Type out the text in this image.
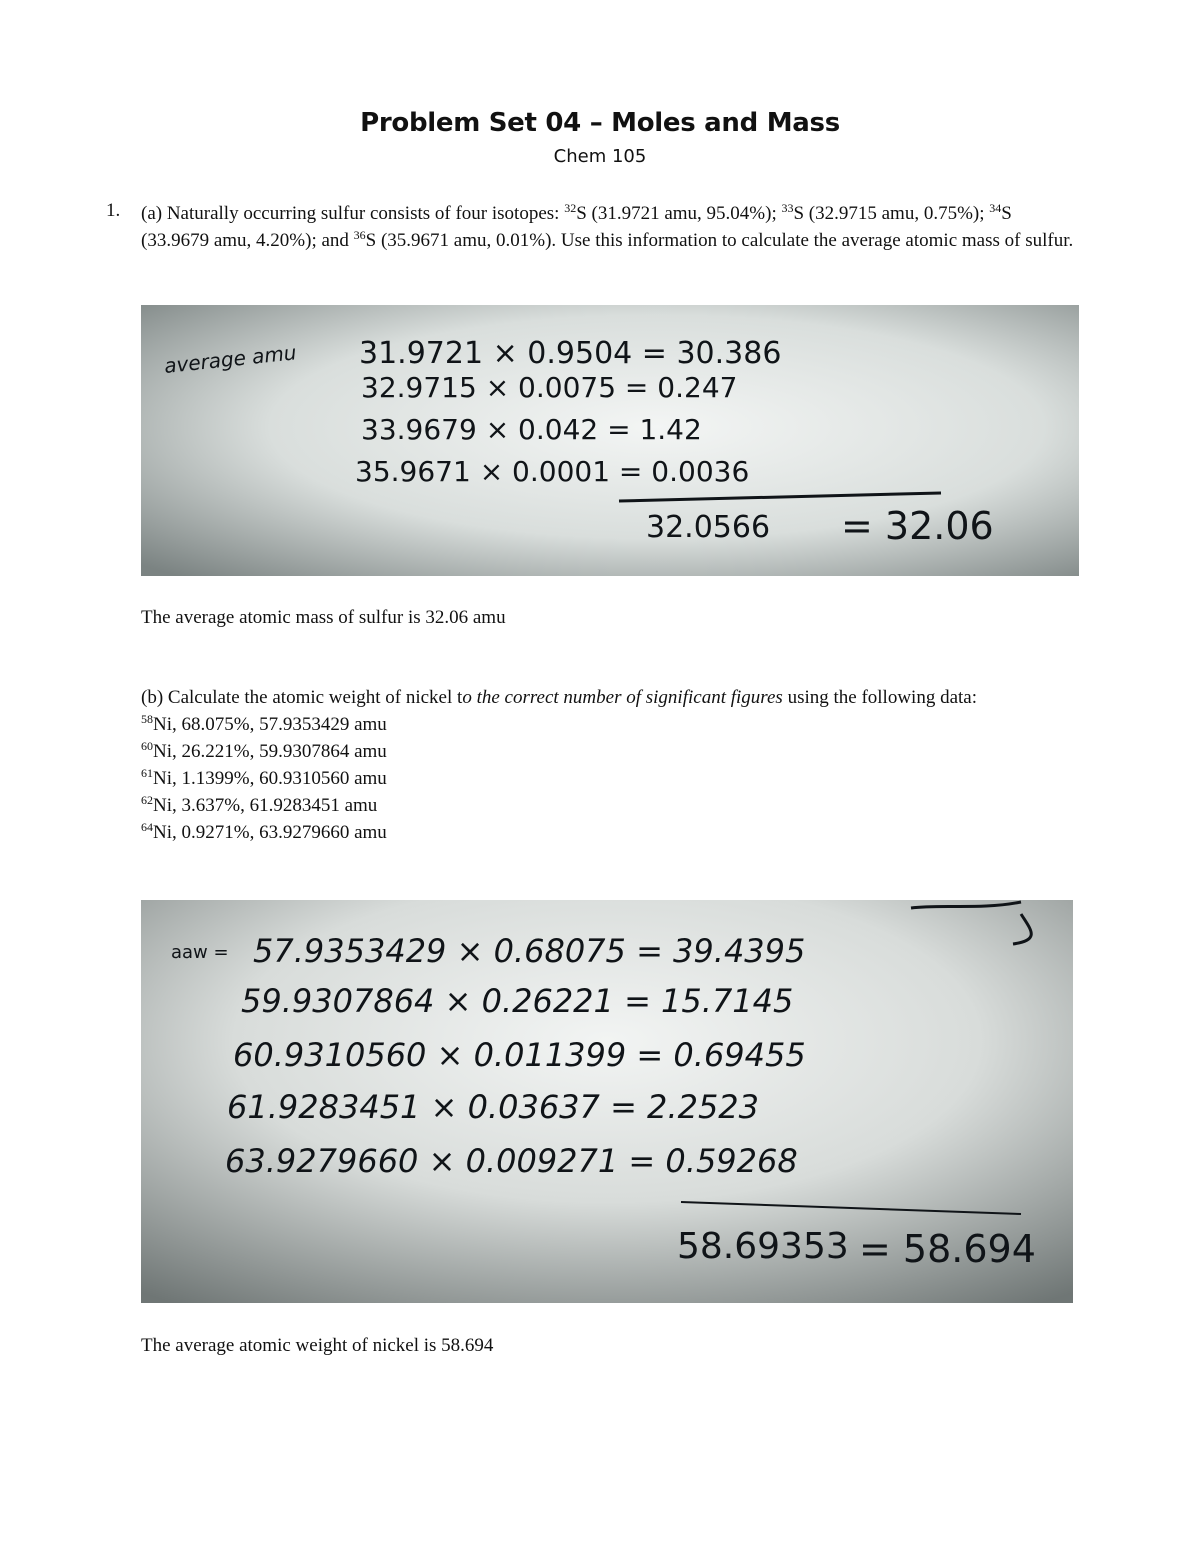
Problem Set 04 – Moles and Mass
Chem 105
1. (a) Naturally occurring sulfur consists of four isotopes: $^{32}$S (31.9721 amu, 95.04%); $^{33}$S (32.9715 amu, 0.75%); $^{34}$S (33.9679 amu, 4.20%); and $^{36}$S (35.9671 amu, 0.01%). Use this information to calculate the average atomic mass of sulfur.
average amu 31.9721 × 0.9504 = 30.386
32.9715 × 0.0075 = 0.247
33.9679 × 0.042 = 1.42
35.9671 × 0.0001 = 0.0036
32.0566 = 32.06
The average atomic mass of sulfur is 32.06 amu
(b) Calculate the atomic weight of nickel to the correct number of significant figures using the following data:
$^{58}$Ni, 68.075%, 57.9353429 amu
$^{60}$Ni, 26.221%, 59.9307864 amu
$^{61}$Ni, 1.1399%, 60.9310560 amu
$^{62}$Ni, 3.637%, 61.9283451 amu
$^{64}$Ni, 0.9271%, 63.9279660 amu
aaw = 57.9353429 × 0.68075 = 39.4395
59.9307864 × 0.26221 = 15.7145
60.9310560 × 0.011399 = 0.69455
61.9283451 × 0.03637 = 2.2523
63.9279660 × 0.009271 = 0.59268
58.69353 = 58.694
The average atomic weight of nickel is 58.694
